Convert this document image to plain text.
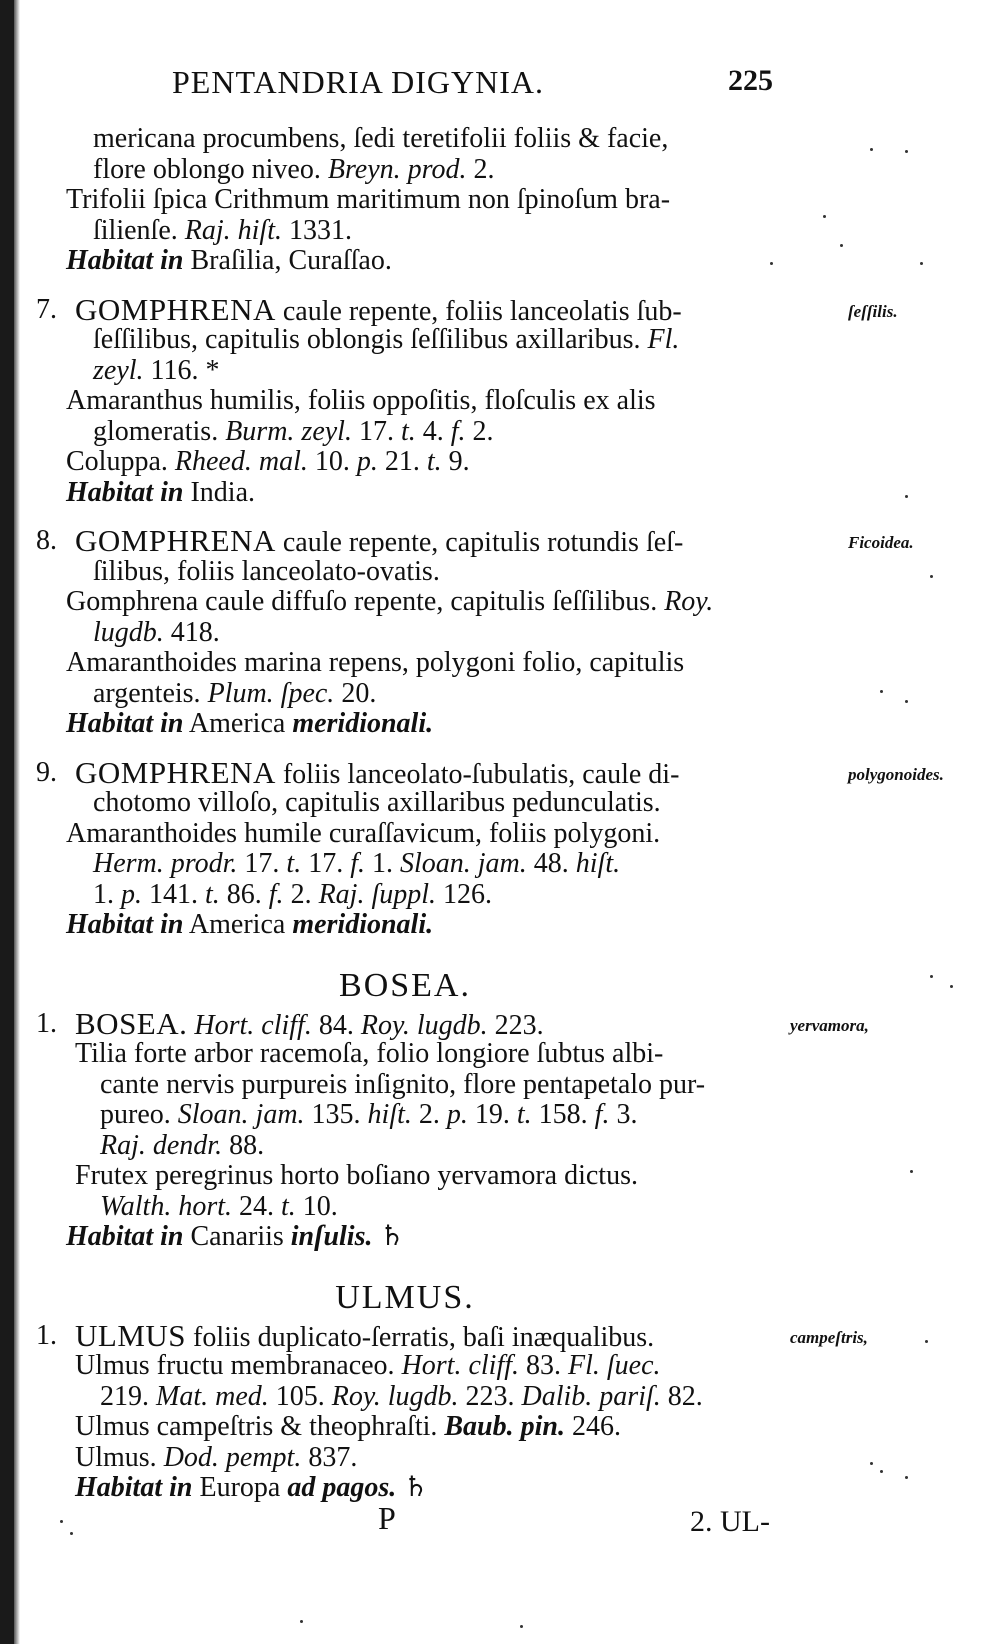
PENTANDRIA DIGYNIA.	225
mericana procumbens, ſedi teretifolii foliis & facie,
flore oblongo niveo. Breyn. prod. 2.
Trifolii ſpica Crithmum maritimum non ſpinoſum bra-
ſilienſe. Raj. hiſt. 1331.
Habitat in Braſilia, Curaſſao.
7.	ſeſſilis.
GOMPHRENA caule repente, foliis lanceolatis ſub-
ſeſſilibus, capitulis oblongis ſeſſilibus axillaribus. Fl.
zeyl. 116. *
Amaranthus humilis, foliis oppoſitis, floſculis ex alis
glomeratis. Burm. zeyl. 17. t. 4. f. 2.
Coluppa. Rheed. mal. 10. p. 21. t. 9.
Habitat in India.
8.	Ficoidea.
GOMPHRENA caule repente, capitulis rotundis ſeſ-
ſilibus, foliis lanceolato-ovatis.
Gomphrena caule diffuſo repente, capitulis ſeſſilibus. Roy.
lugdb. 418.
Amaranthoides marina repens, polygoni folio, capitulis
argenteis. Plum. ſpec. 20.
Habitat in America meridionali.
9.	polygonoides.
GOMPHRENA foliis lanceolato-ſubulatis, caule di-
chotomo villoſo, capitulis axillaribus pedunculatis.
Amaranthoides humile curaſſavicum, foliis polygoni.
Herm. prodr. 17. t. 17. f. 1. Sloan. jam. 48. hiſt.
1. p. 141. t. 86. f. 2. Raj. ſuppl. 126.
Habitat in America meridionali.
BOSEA.
1.	yervamora,
BOSEA. Hort. cliff. 84. Roy. lugdb. 223.
Tilia forte arbor racemoſa, folio longiore ſubtus albi-
cante nervis purpureis inſignito, flore pentapetalo pur-
pureo. Sloan. jam. 135. hiſt. 2. p. 19. t. 158. f. 3.
Raj. dendr. 88.
Frutex peregrinus horto boſiano yervamora dictus.
Walth. hort. 24. t. 10.
Habitat in Canariis inſulis. ♄
ULMUS.
1.	campeſtris,
ULMUS foliis duplicato-ſerratis, baſi inæqualibus.
Ulmus fructu membranaceo. Hort. cliff. 83. Fl. ſuec.
219. Mat. med. 105. Roy. lugdb. 223. Dalib. pariſ. 82.
Ulmus campeſtris & theophraſti. Baub. pin. 246.
Ulmus. Dod. pempt. 837.
Habitat in Europa ad pagos. ♄
P	2. UL-
